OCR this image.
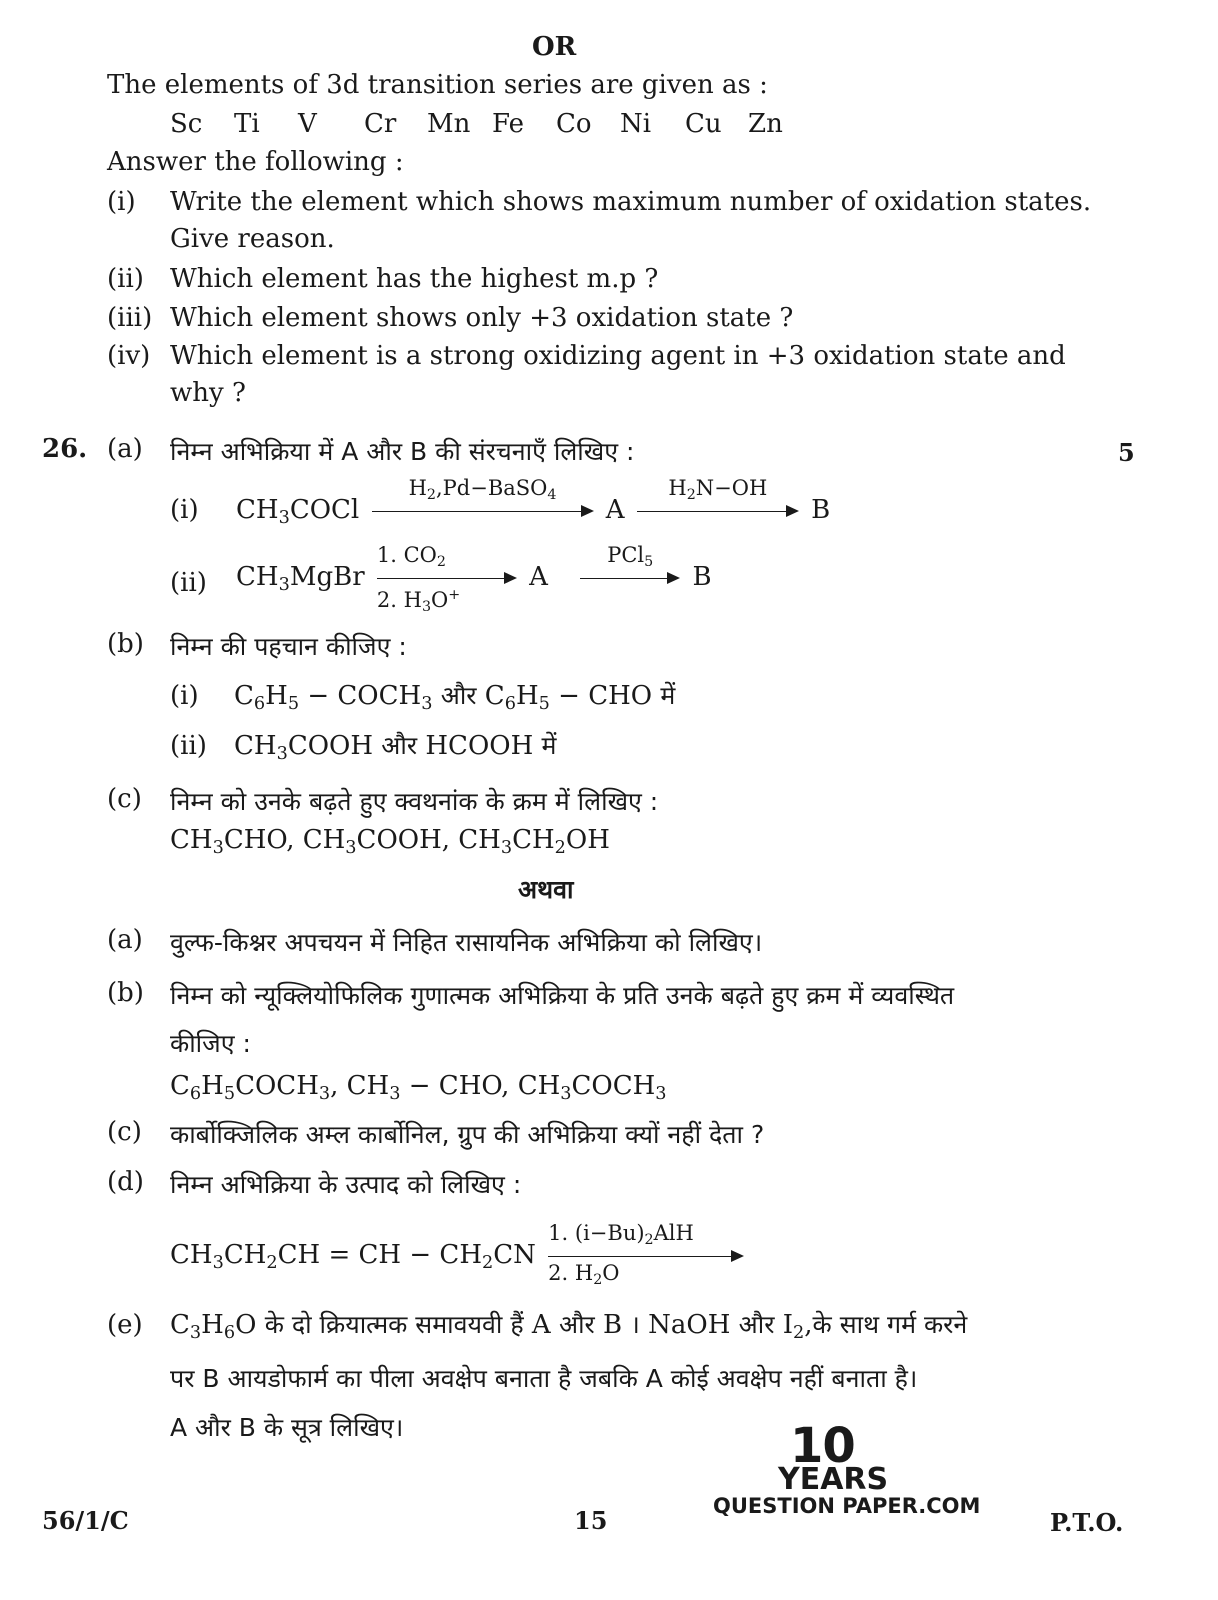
OR
The elements of 3d transition series are given as :
Sc Ti V Cr Mn Fe Co Ni Cu Zn
Answer the following :
(i) Write the element which shows maximum number of oxidation states.
Give reason.
(ii) Which element has the highest m.p ?
(iii) Which element shows only +3 oxidation state ?
(iv) Which element is a strong oxidizing agent in +3 oxidation state and
why ?
26. (a) निम्न अभिक्रिया में A और B की संरचनाएँ लिखिए :	5
(i) $CH_3COCl$
$H_2,Pd-BaSO_4$	A
$H_2N-OH$
B
(ii) $CH_3MgBr$
1. $CO_2$
2. $H_3O^+$
A
PCl$_5$	B
(b) निम्न की पहचान कीजिए :
(i) $C_6H_5$ − $COCH_3$ और $C_6H_5$ − CHO में
(ii) $CH_3COOH$ और HCOOH में
(c) निम्न को उनके बढ़ते हुए क्वथनांक के क्रम में लिखिए :
$CH_3CHO$, $CH_3COOH$, $CH_3CH_2OH$
अथवा
(a) वुल्फ-किश्नर अपचयन में निहित रासायनिक अभिक्रिया को लिखिए।
(b) निम्न को न्यूक्लियोफिलिक गुणात्मक अभिक्रिया के प्रति उनके बढ़ते हुए क्रम में व्यवस्थित
कीजिए :
$C_6H_5COCH_3$, $CH_3$ − CHO, $CH_3COCH_3$
(c) कार्बोक्जिलिक अम्ल कार्बोनिल, ग्रुप की अभिक्रिया क्यों नहीं देता ?
(d) निम्न अभिक्रिया के उत्पाद को लिखिए :
$CH_3CH_2CH$ = CH − $CH_2CN$
1. $(i-Bu)_2AlH$
2. $H_2O$
(e) $C_3H_6O$ के दो क्रियात्मक समावयवी हैं A और B । NaOH और $I_2,के$ साथ गर्म करने
पर B आयडोफार्म का पीला अवक्षेप बनाता है जबकि A कोई अवक्षेप नहीं बनाता है।
A और B के सूत्र लिखिए।	10
YEARS
QUESTION PAPER.COM
56/1/C	15	P.T.O.
